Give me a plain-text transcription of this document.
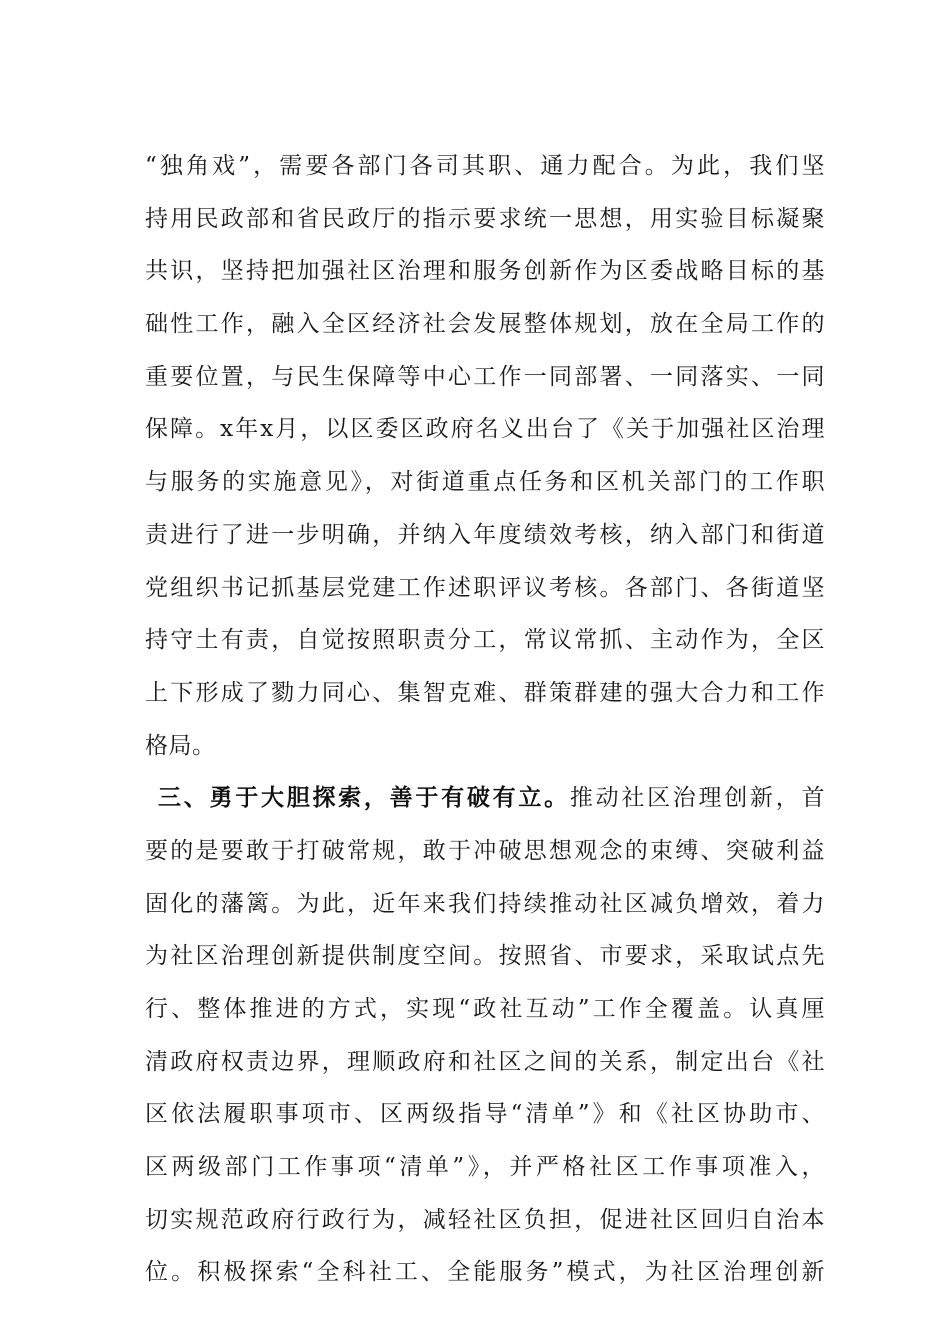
“独角戏”，需要各部门各司其职、通力配合。为此，我们坚
持用民政部和省民政厅的指示要求统一思想，用实验目标凝聚
共识，坚持把加强社区治理和服务创新作为区委战略目标的基
础性工作，融入全区经济社会发展整体规划，放在全局工作的
重要位置，与民生保障等中心工作一同部署、一同落实、一同
保障。x年x月，以区委区政府名义出台了《关于加强社区治理
与服务的实施意见》，对街道重点任务和区机关部门的工作职
责进行了进一步明确，并纳入年度绩效考核，纳入部门和街道
党组织书记抓基层党建工作述职评议考核。各部门、各街道坚
持守土有责，自觉按照职责分工，常议常抓、主动作为，全区
上下形成了勠力同心、集智克难、群策群建的强大合力和工作
格局。
三、勇于大胆探索，善于有破有立。推动社区治理创新，首
要的是要敢于打破常规，敢于冲破思想观念的束缚、突破利益
固化的藩篱。为此，近年来我们持续推动社区减负增效，着力
为社区治理创新提供制度空间。按照省、市要求，采取试点先
行、整体推进的方式，实现“政社互动”工作全覆盖。认真厘
清政府权责边界，理顺政府和社区之间的关系，制定出台《社
区依法履职事项市、区两级指导“清单”》和《社区协助市、
区两级部门工作事项“清单”》，并严格社区工作事项准入，
切实规范政府行政行为，减轻社区负担，促进社区回归自治本
位。积极探索“全科社工、全能服务”模式，为社区治理创新
